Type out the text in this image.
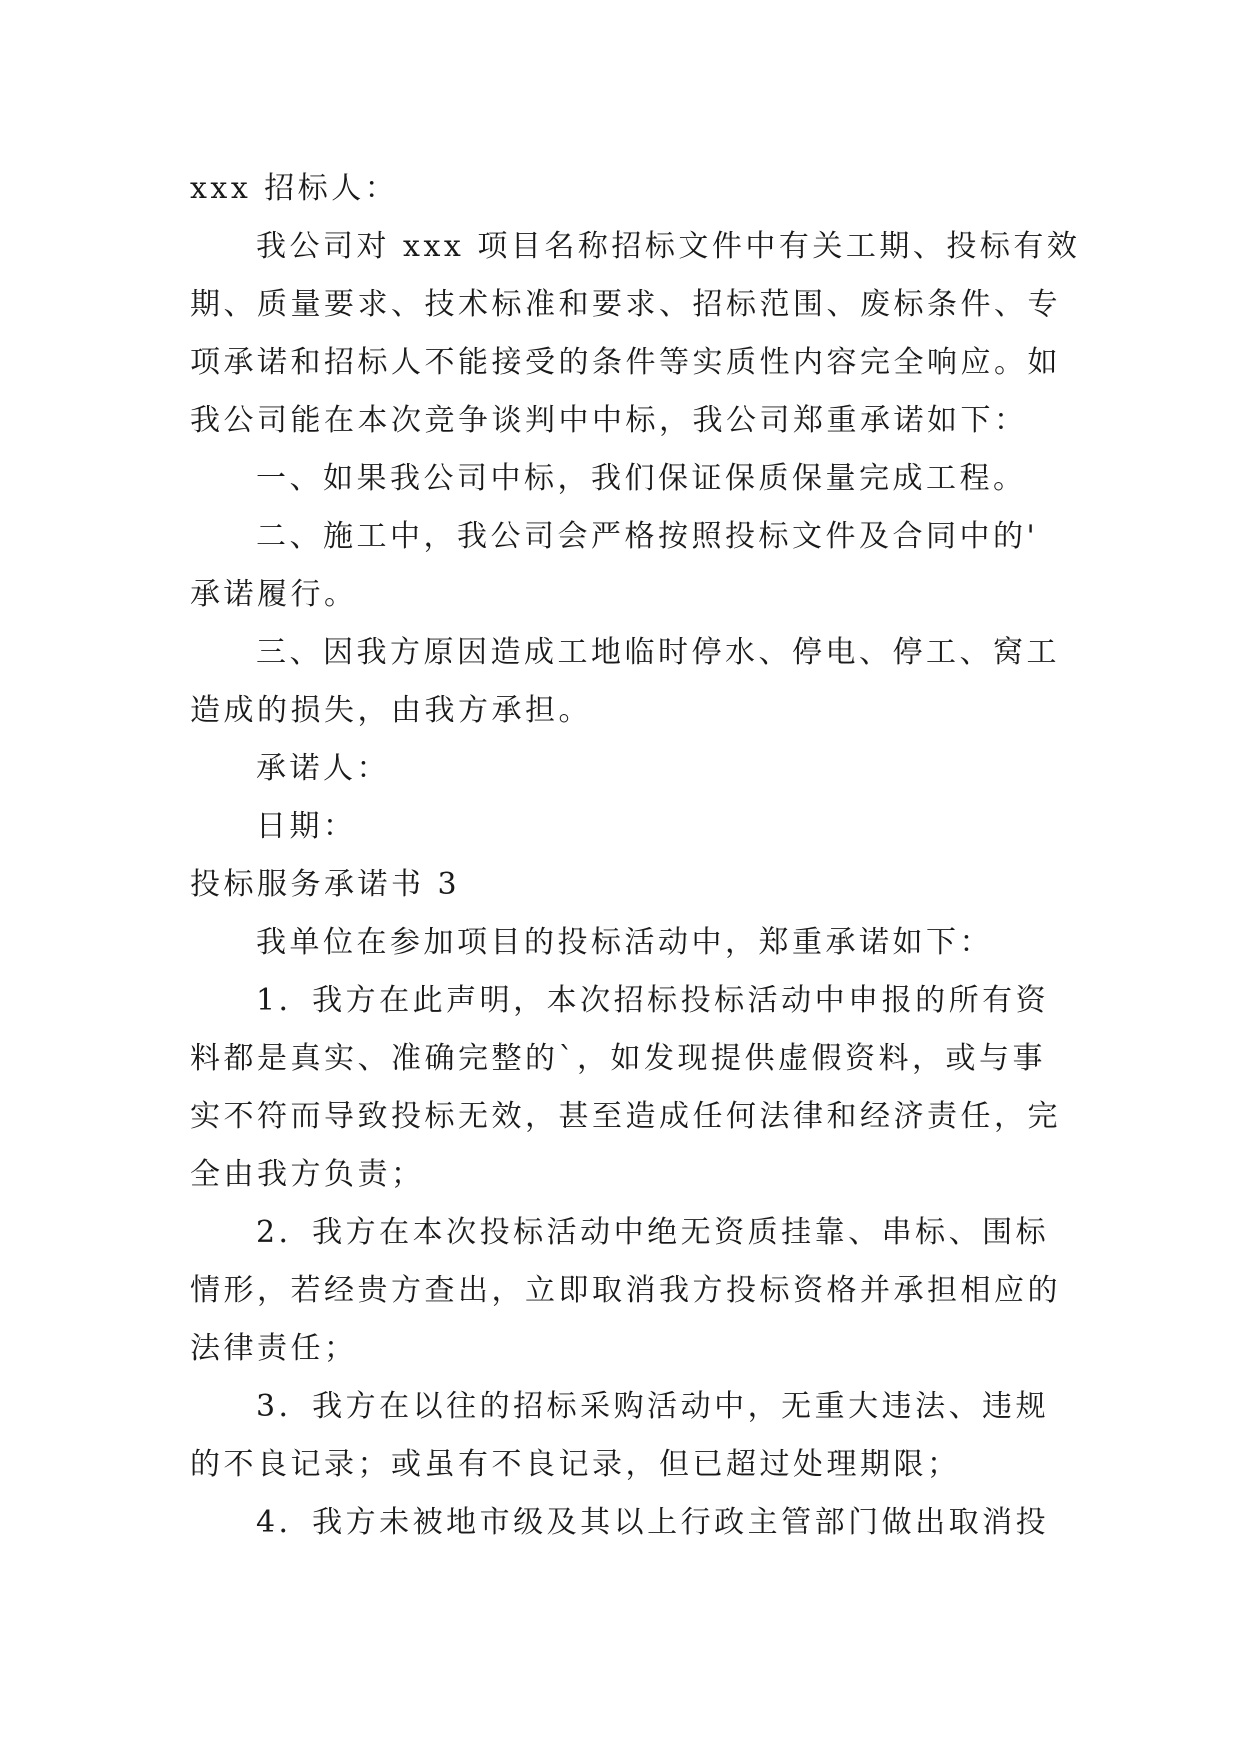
xxx 招标人：
我公司对 xxx 项目名称招标文件中有关工期、投标有效
期、质量要求、技术标准和要求、招标范围、废标条件、专
项承诺和招标人不能接受的条件等实质性内容完全响应。如
我公司能在本次竞争谈判中中标，我公司郑重承诺如下：
一、如果我公司中标，我们保证保质保量完成工程。
二、施工中，我公司会严格按照投标文件及合同中的'
承诺履行。
三、因我方原因造成工地临时停水、停电、停工、窝工
造成的损失，由我方承担。
承诺人：
日期：
投标服务承诺书 3
我单位在参加项目的投标活动中，郑重承诺如下：
1．我方在此声明，本次招标投标活动中申报的所有资
料都是真实、准确完整的`，如发现提供虚假资料，或与事
实不符而导致投标无效，甚至造成任何法律和经济责任，完
全由我方负责；
2．我方在本次投标活动中绝无资质挂靠、串标、围标
情形，若经贵方查出，立即取消我方投标资格并承担相应的
法律责任；
3．我方在以往的招标采购活动中，无重大违法、违规
的不良记录；或虽有不良记录，但已超过处理期限；
4．我方未被地市级及其以上行政主管部门做出取消投
